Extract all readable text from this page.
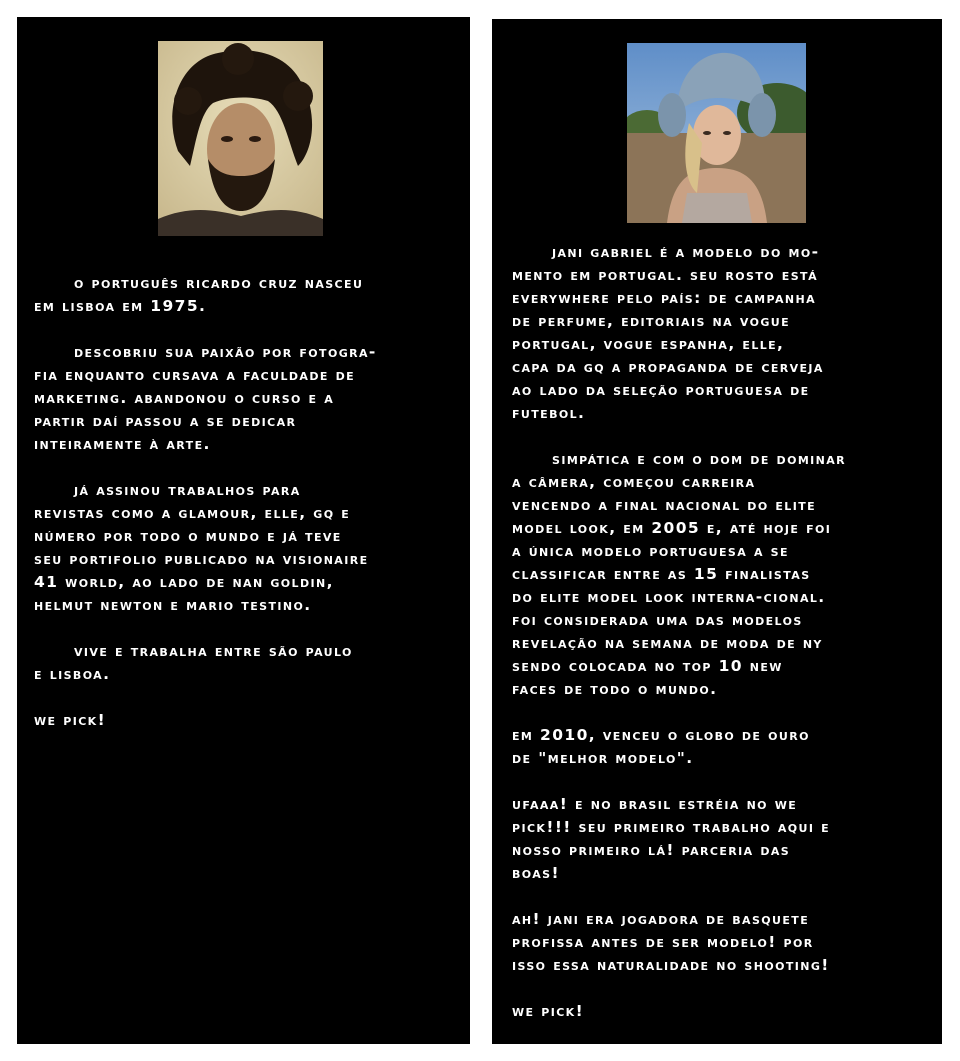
o português ricardo cruz nasceu
em lisboa em 1975.

descobriu sua paixão por fotogra-
fia enquanto cursava a faculdade de
marketing. abandonou o curso e a
partir daí passou a se dedicar
inteiramente à arte.

já assinou trabalhos para
revistas como a glamour, elle, gq e
número por todo o mundo e já teve
seu portifolio publicado na visionaire
41 world, ao lado de nan goldin,
helmut newton e mario testino.

vive e trabalha entre são paulo
e lisboa.

we pick!

jani gabriel é a modelo do mo-
mento em portugal. seu rosto está
everywhere pelo país: de campanha
de perfume, editoriais na vogue
portugal, vogue espanha, elle,
capa da gq a propaganda de cerveja
ao lado da seleção portuguesa de
futebol.

simpática e com o dom de dominar
a câmera, começou carreira
vencendo a final nacional do elite
model look, em 2005 e, até hoje foi
a única modelo portuguesa a se
classificar entre as 15 finalistas
do elite model look interna-cional.
foi considerada uma das modelos
revelação na semana de moda de ny
sendo colocada no top 10 new
faces de todo o mundo.

em 2010, venceu o globo de ouro
de "melhor modelo".

ufaaa! e no brasil estréia no we
pick!!! seu primeiro trabalho aqui e
nosso primeiro lá! parceria das
boas!

ah! jani era jogadora de basquete
profissa antes de ser modelo! por
isso essa naturalidade no shooting!

we pick!
